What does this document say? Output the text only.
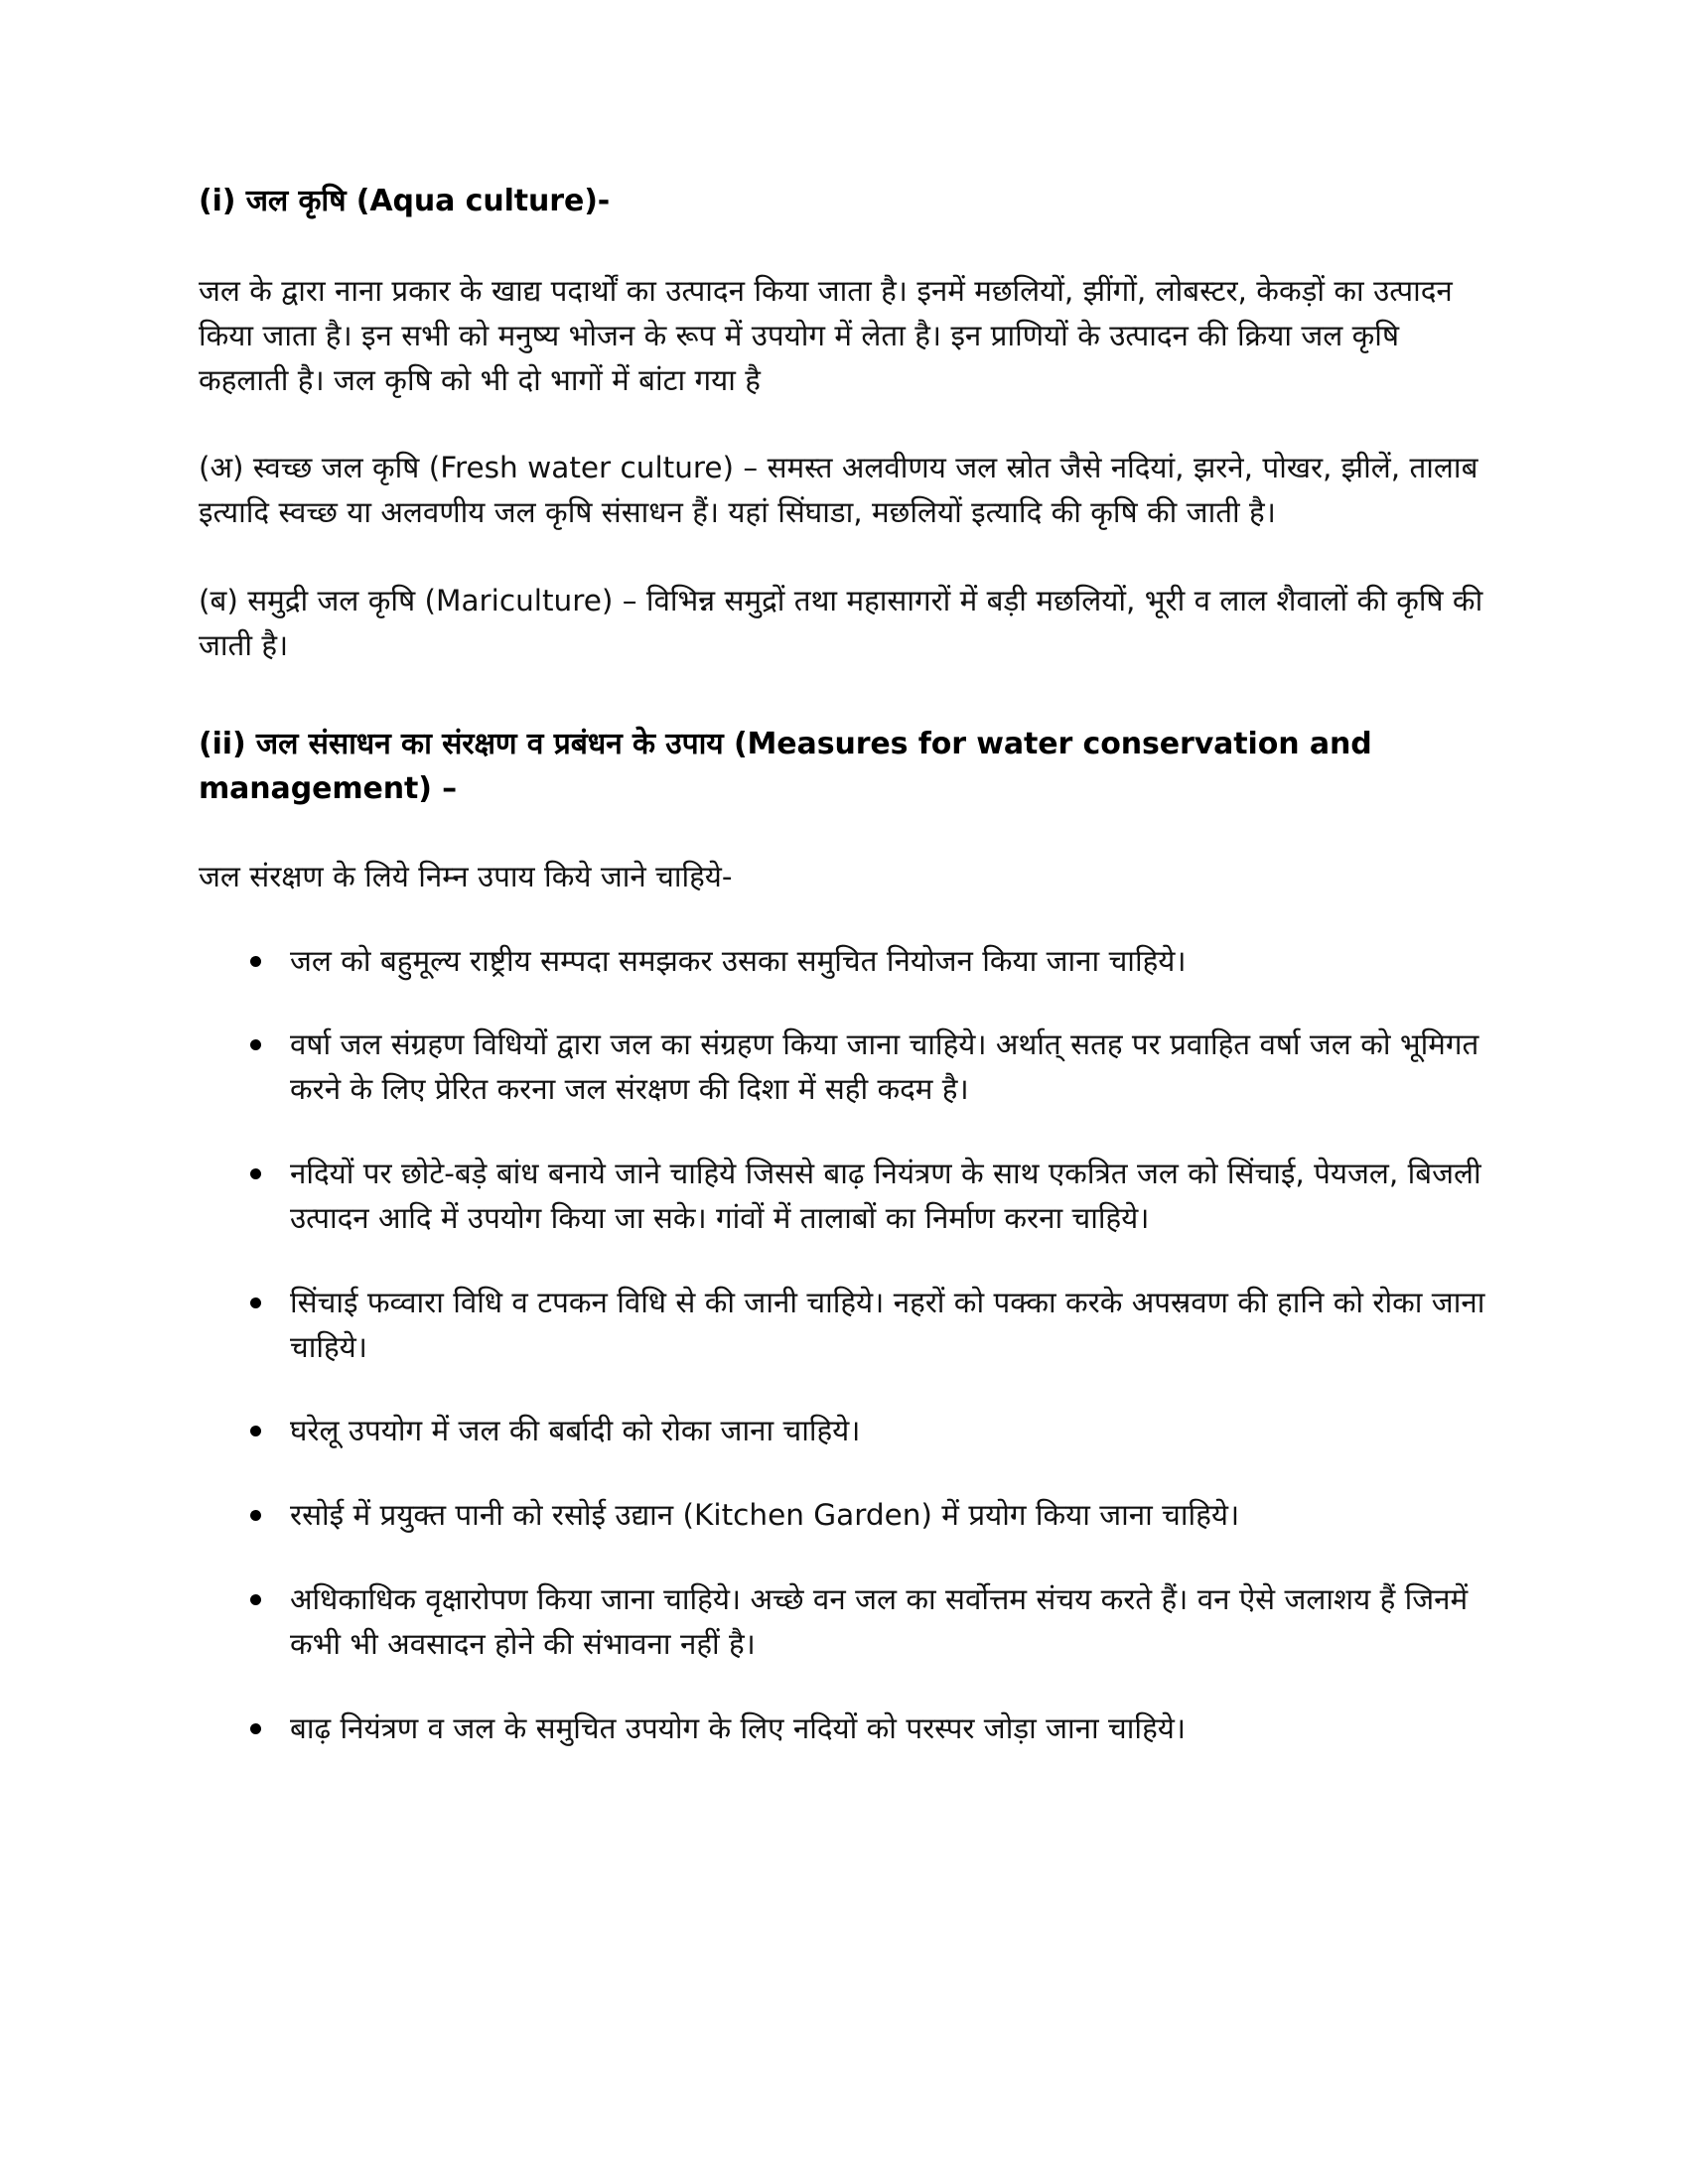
(i) जल कृषि (Aqua culture)-

जल के द्वारा नाना प्रकार के खाद्य पदार्थों का उत्पादन किया जाता है। इनमें मछलियों, झींगों, लोबस्टर, केकड़ों का उत्पादन किया जाता है। इन सभी को मनुष्य भोजन के रूप में उपयोग में लेता है। इन प्राणियों के उत्पादन की क्रिया जल कृषि कहलाती है। जल कृषि को भी दो भागों में बांटा गया है

(अ) स्वच्छ जल कृषि (Fresh water culture) – समस्त अलवीणय जल स्रोत जैसे नदियां, झरने, पोखर, झीलें, तालाब इत्यादि स्वच्छ या अलवणीय जल कृषि संसाधन हैं। यहां सिंघाडा, मछलियों इत्यादि की कृषि की जाती है।

(ब) समुद्री जल कृषि (Mariculture) – विभिन्न समुद्रों तथा महासागरों में बड़ी मछलियों, भूरी व लाल शैवालों की कृषि की जाती है।

(ii) जल संसाधन का संरक्षण व प्रबंधन के उपाय (Measures for water conservation and management) –

जल संरक्षण के लिये निम्न उपाय किये जाने चाहिये-

जल को बहुमूल्य राष्ट्रीय सम्पदा समझकर उसका समुचित नियोजन किया जाना चाहिये।
वर्षा जल संग्रहण विधियों द्वारा जल का संग्रहण किया जाना चाहिये। अर्थात् सतह पर प्रवाहित वर्षा जल को भूमिगत करने के लिए प्रेरित करना जल संरक्षण की दिशा में सही कदम है।
नदियों पर छोटे-बड़े बांध बनाये जाने चाहिये जिससे बाढ़ नियंत्रण के साथ एकत्रित जल को सिंचाई, पेयजल, बिजली उत्पादन आदि में उपयोग किया जा सके। गांवों में तालाबों का निर्माण करना चाहिये।
सिंचाई फव्वारा विधि व टपकन विधि से की जानी चाहिये। नहरों को पक्का करके अपस्रवण की हानि को रोका जाना चाहिये।
घरेलू उपयोग में जल की बर्बादी को रोका जाना चाहिये।
रसोई में प्रयुक्त पानी को रसोई उद्यान (Kitchen Garden) में प्रयोग किया जाना चाहिये।
अधिकाधिक वृक्षारोपण किया जाना चाहिये। अच्छे वन जल का सर्वोत्तम संचय करते हैं। वन ऐसे जलाशय हैं जिनमें कभी भी अवसादन होने की संभावना नहीं है।
बाढ़ नियंत्रण व जल के समुचित उपयोग के लिए नदियों को परस्पर जोड़ा जाना चाहिये।
